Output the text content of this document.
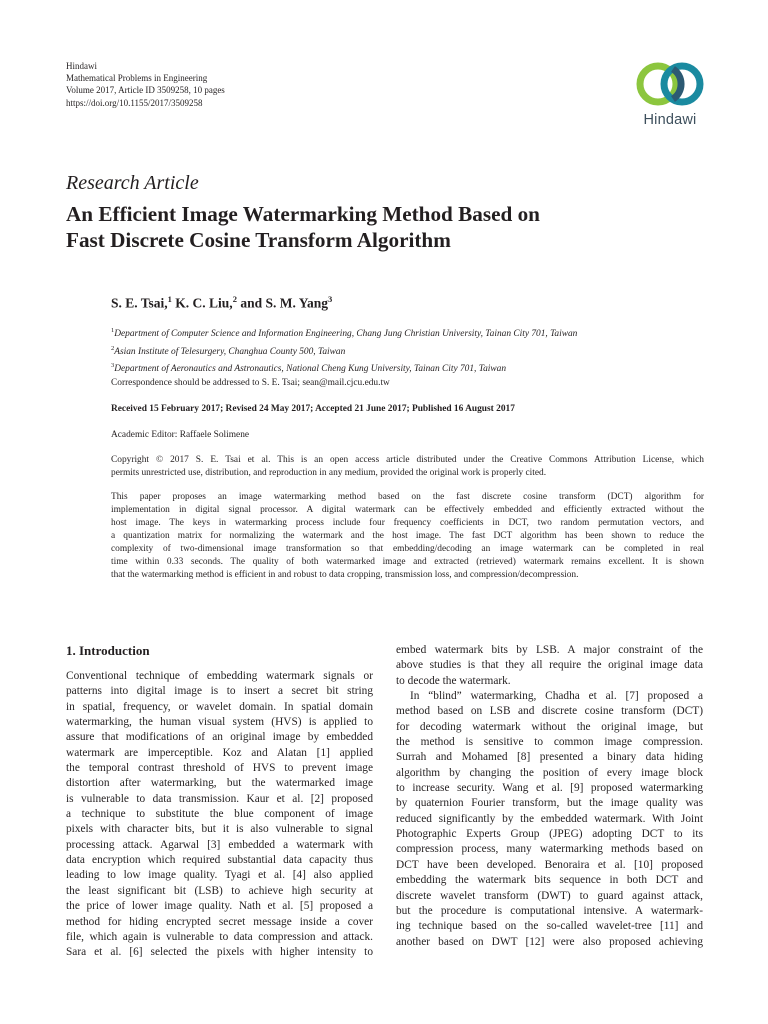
Hindawi
Mathematical Problems in Engineering
Volume 2017, Article ID 3509258, 10 pages
https://doi.org/10.1155/2017/3509258
Hindawi
Research Article
An Efficient Image Watermarking Method Based on
Fast Discrete Cosine Transform Algorithm
S. E. Tsai,$^1$ K. C. Liu,$^2$ and S. M. Yang$^3$
$^1$Department of Computer Science and Information Engineering, Chang Jung Christian University, Tainan City 701, Taiwan
$^2$Asian Institute of Telesurgery, Changhua County 500, Taiwan
$^3$Department of Aeronautics and Astronautics, National Cheng Kung University, Tainan City 701, Taiwan
Correspondence should be addressed to S. E. Tsai; sean@mail.cjcu.edu.tw
Received 15 February 2017; Revised 24 May 2017; Accepted 21 June 2017; Published 16 August 2017
Academic Editor: Raffaele Solimene
Copyright © 2017 S. E. Tsai et al. This is an open access article distributed under the Creative Commons Attribution License, which
permits unrestricted use, distribution, and reproduction in any medium, provided the original work is properly cited.
This paper proposes an image watermarking method based on the fast discrete cosine transform (DCT) algorithm for
implementation in digital signal processor. A digital watermark can be effectively embedded and efficiently extracted without the
host image. The keys in watermarking process include four frequency coefficients in DCT, two random permutation vectors, and
a quantization matrix for normalizing the watermark and the host image. The fast DCT algorithm has been shown to reduce the
complexity of two-dimensional image transformation so that embedding/decoding an image watermark can be completed in real
time within 0.33 seconds. The quality of both watermarked image and extracted (retrieved) watermark remains excellent. It is shown
that the watermarking method is efficient in and robust to data cropping, transmission loss, and compression/decompression.
1. Introduction
Conventional technique of embedding watermark signals or
patterns into digital image is to insert a secret bit string
in spatial, frequency, or wavelet domain. In spatial domain
watermarking, the human visual system (HVS) is applied to
assure that modifications of an original image by embedded
watermark are imperceptible. Koz and Alatan [1] applied
the temporal contrast threshold of HVS to prevent image
distortion after watermarking, but the watermarked image
is vulnerable to data transmission. Kaur et al. [2] proposed
a technique to substitute the blue component of image
pixels with character bits, but it is also vulnerable to signal
processing attack. Agarwal [3] embedded a watermark with
data encryption which required substantial data capacity thus
leading to low image quality. Tyagi et al. [4] also applied
the least significant bit (LSB) to achieve high security at
the price of lower image quality. Nath et al. [5] proposed a
method for hiding encrypted secret message inside a cover
file, which again is vulnerable to data compression and attack.
Sara et al. [6] selected the pixels with higher intensity to
embed watermark bits by LSB. A major constraint of the
above studies is that they all require the original image data
to decode the watermark.
In “blind” watermarking, Chadha et al. [7] proposed a
method based on LSB and discrete cosine transform (DCT)
for decoding watermark without the original image, but
the method is sensitive to common image compression.
Surrah and Mohamed [8] presented a binary data hiding
algorithm by changing the position of every image block
to increase security. Wang et al. [9] proposed watermarking
by quaternion Fourier transform, but the image quality was
reduced significantly by the embedded watermark. With Joint
Photographic Experts Group (JPEG) adopting DCT to its
compression process, many watermarking methods based on
DCT have been developed. Benoraira et al. [10] proposed
embedding the watermark bits sequence in both DCT and
discrete wavelet transform (DWT) to guard against attack,
but the procedure is computational intensive. A watermark-
ing technique based on the so-called wavelet-tree [11] and
another based on DWT [12] were also proposed achieving
